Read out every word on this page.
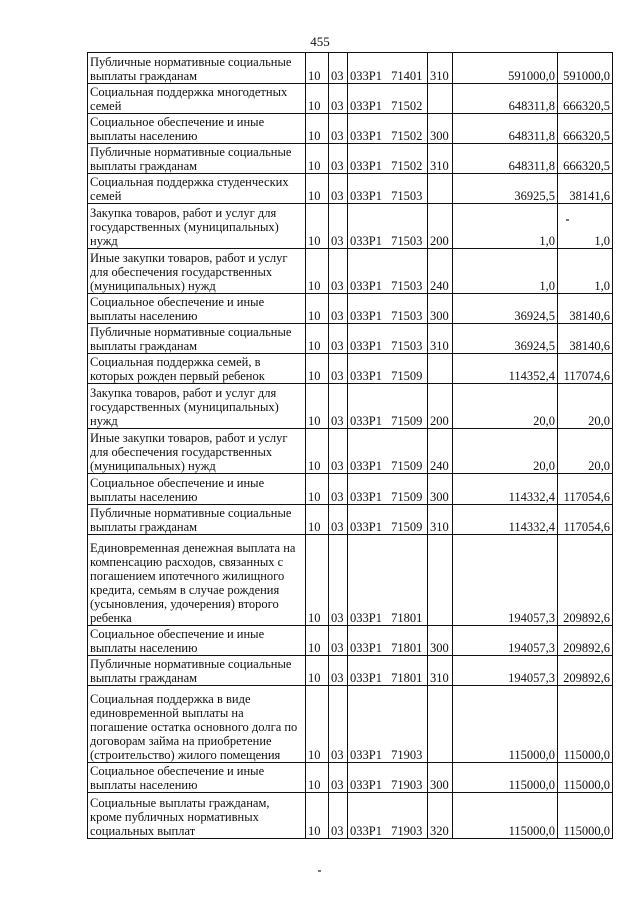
455
Публичные нормативные социальные выплаты гражданам	10	03	033Р1 71401	310	591000,0	591000,0
Социальная поддержка многодетных семей	10	03	033Р1 71502		648311,8	666320,5
Социальное обеспечение и иные выплаты населению	10	03	033Р1 71502	300	648311,8	666320,5
Публичные нормативные социальные выплаты гражданам	10	03	033Р1 71502	310	648311,8	666320,5
Социальная поддержка студенческих семей	10	03	033Р1 71503		36925,5	38141,6
Закупка товаров, работ и услуг для государственных (муниципальных) нужд	10	03	033Р1 71503	200	1,0	1,0
Иные закупки товаров, работ и услуг для обеспечения государственных (муниципальных) нужд	10	03	033Р1 71503	240	1,0	1,0
Социальное обеспечение и иные выплаты населению	10	03	033Р1 71503	300	36924,5	38140,6
Публичные нормативные социальные выплаты гражданам	10	03	033Р1 71503	310	36924,5	38140,6
Социальная поддержка семей, в которых рожден первый ребенок	10	03	033Р1 71509		114352,4	117074,6
Закупка товаров, работ и услуг для государственных (муниципальных) нужд	10	03	033Р1 71509	200	20,0	20,0
Иные закупки товаров, работ и услуг для обеспечения государственных (муниципальных) нужд	10	03	033Р1 71509	240	20,0	20,0
Социальное обеспечение и иные выплаты населению	10	03	033Р1 71509	300	114332,4	117054,6
Публичные нормативные социальные выплаты гражданам	10	03	033Р1 71509	310	114332,4	117054,6
Единовременная денежная выплата на компенсацию расходов, связанных с погашением ипотечного жилищного кредита, семьям в случае рождения (усыновления, удочерения) второго ребенка	10	03	033Р1 71801		194057,3	209892,6
Социальное обеспечение и иные выплаты населению	10	03	033Р1 71801	300	194057,3	209892,6
Публичные нормативные социальные выплаты гражданам	10	03	033Р1 71801	310	194057,3	209892,6
Социальная поддержка в виде единовременной выплаты на погашение остатка основного долга по договорам займа на приобретение (строительство) жилого помещения	10	03	033Р1 71903		115000,0	115000,0
Социальное обеспечение и иные выплаты населению	10	03	033Р1 71903	300	115000,0	115000,0
Социальные выплаты гражданам, кроме публичных нормативных социальных выплат	10	03	033Р1 71903	320	115000,0	115000,0
